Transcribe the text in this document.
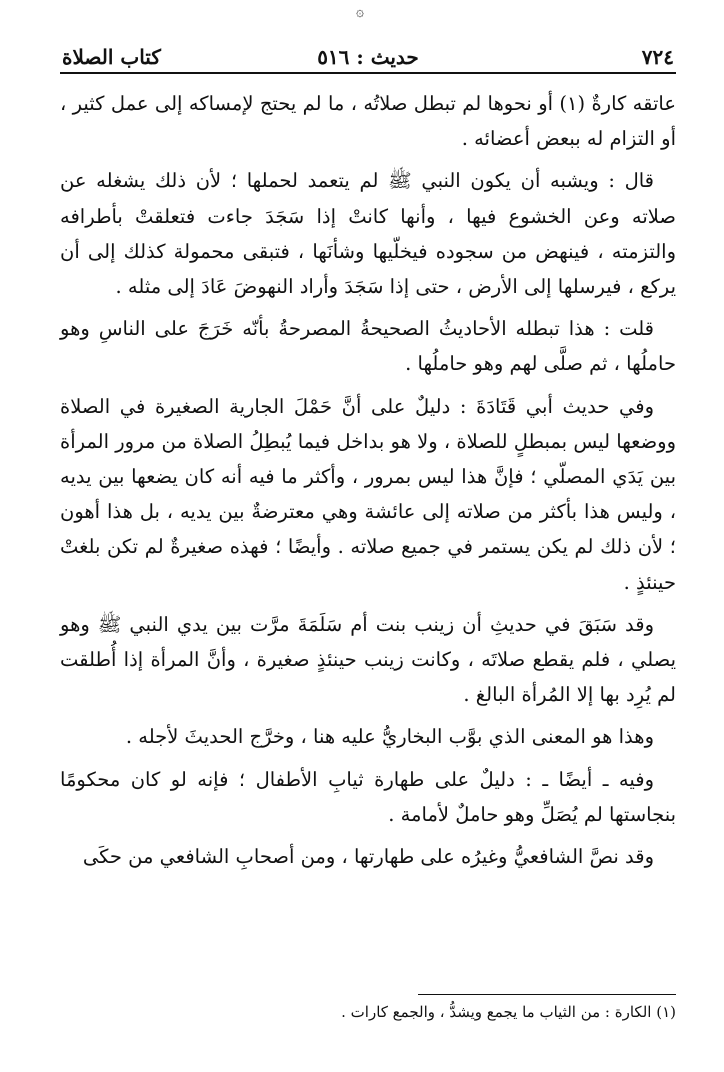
۞
٧٢٤
حديث : ٥١٦
كتاب الصلاة

عاتقه كارةٌ (١) أو نحوها لم تبطل صلاتُه ، ما لم يحتج لإمساكه إلى عمل كثير ، أو التزام له ببعض أعضائه .

قال : ويشبه أن يكون النبي ﷺ لم يتعمد لحملها ؛ لأن ذلك يشغله عن صلاته وعن الخشوع فيها ، وأنها كانتْ إذا سَجَدَ جاءت فتعلقتْ بأطرافه والتزمته ، فينهض من سجوده فيخلّيها وشأنَها ، فتبقى محمولة كذلك إلى أن يركع ، فيرسلها إلى الأرض ، حتى إذا سَجَدَ وأراد النهوضَ عَادَ إلى مثله .

قلت : هذا تبطله الأحاديثُ الصحيحةُ المصرحةُ بأنّه خَرَجَ على الناسِ وهو حاملُها ، ثم صلَّى لهم وهو حاملُها .

وفي حديث أبي قَتَادَةَ : دليلٌ على أنَّ حَمْلَ الجارية الصغيرة في الصلاة ووضعها ليس بمبطلٍ للصلاة ، ولا هو بداخل فيما يُبطِلُ الصلاة من مرور المرأة بين يَدَي المصلّي ؛ فإنَّ هذا ليس بمرور ، وأكثر ما فيه أنه كان يضعها بين يديه ، وليس هذا بأكثر من صلاته إلى عائشة وهي معترضةٌ بين يديه ، بل هذا أهون ؛ لأن ذلك لم يكن يستمر في جميع صلاته . وأيضًا ؛ فهذه صغيرةٌ لم تكن بلغتْ حينئذٍ .

وقد سَبَقَ في حديثِ أن زينب بنت أم سَلَمَةَ مرَّت بين يدي النبي ﷺ وهو يصلي ، فلم يقطع صلاتَه ، وكانت زينب حينئذٍ صغيرة ، وأنَّ المرأة إذا أُطلقت لم يُرِد بها إلا المُرأة البالغ .

وهذا هو المعنى الذي بوَّب البخاريُّ عليه هنا ، وخرَّج الحديثَ لأجله .

وفيه ـ أيضًا ـ : دليلٌ على طهارة ثيابِ الأطفال ؛ فإنه لو كان محكومًا بنجاستها لم يُصَلِّ وهو حاملٌ لأمامة .

وقد نصَّ الشافعيُّ وغيرُه على طهارتها ، ومن أصحابِ الشافعي من حكَى

(١) الكارة : من الثياب ما يجمع ويشدُّ ، والجمع كارات .
